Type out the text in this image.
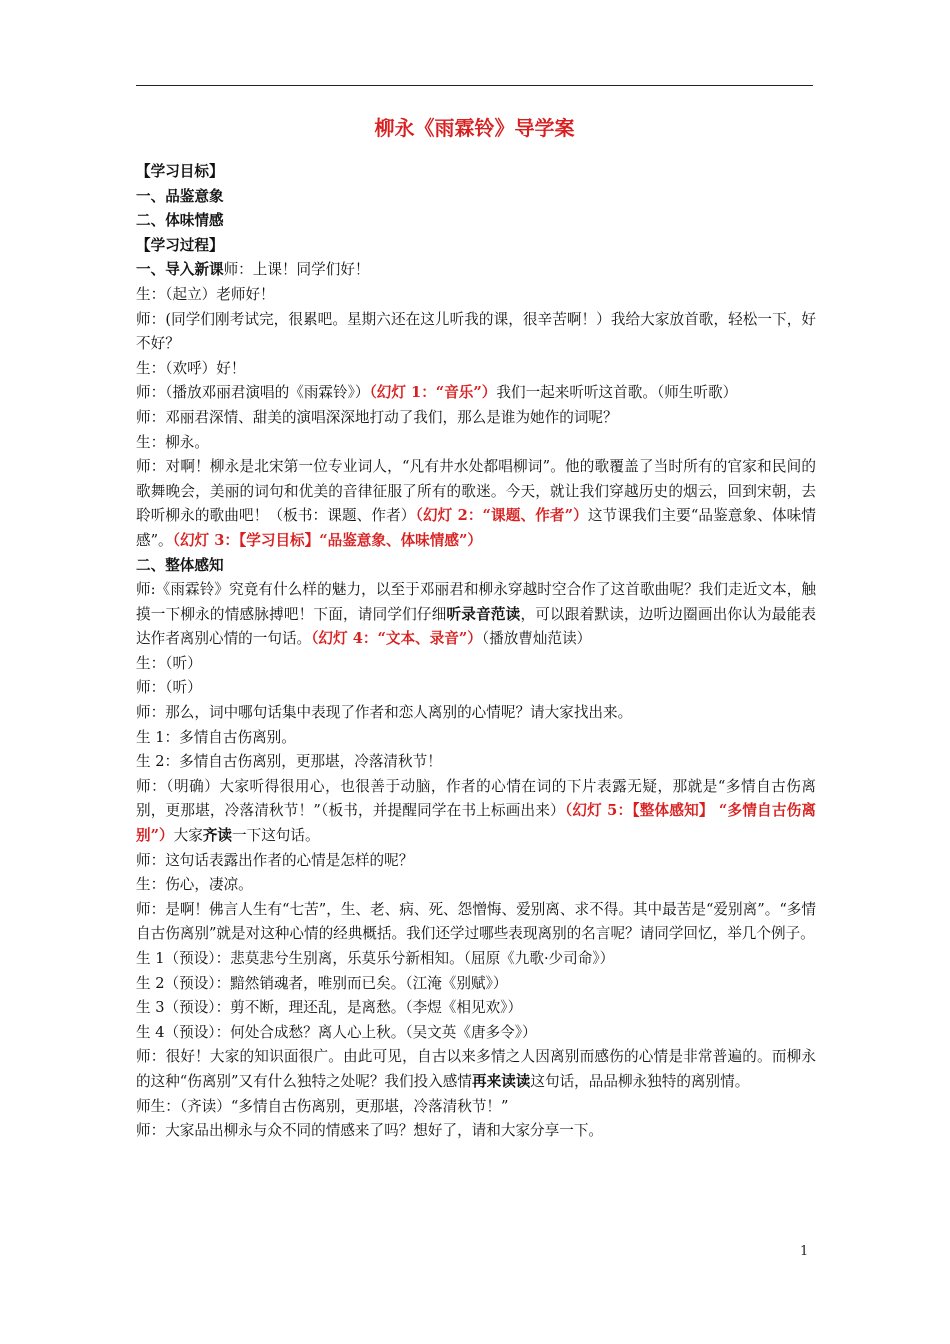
柳永《雨霖铃》导学案

【学习目标】

一、品鉴意象

二、体味情感

【学习过程】

一、导入新课师：上课！同学们好！

生：（起立）老师好！

师：(同学们刚考试完，很累吧。星期六还在这儿听我的课，很辛苦啊！）我给大家放首歌，轻松一下，好不好？

生：（欢呼）好！

师：（播放邓丽君演唱的《雨霖铃》）（幻灯 1：“音乐”）我们一起来听听这首歌。（师生听歌）

师：邓丽君深情、甜美的演唱深深地打动了我们，那么是谁为她作的词呢？

生：柳永。

师：对啊！柳永是北宋第一位专业词人，“凡有井水处都唱柳词”。他的歌覆盖了当时所有的官家和民间的歌舞晚会，美丽的词句和优美的音律征服了所有的歌迷。今天，就让我们穿越历史的烟云，回到宋朝，去聆听柳永的歌曲吧！（板书：课题、作者）（幻灯 2：“课题、作者”）这节课我们主要“品鉴意象、体味情感”。（幻灯 3：【学习目标】“品鉴意象、体味情感”）

二、整体感知

师:《雨霖铃》究竟有什么样的魅力，以至于邓丽君和柳永穿越时空合作了这首歌曲呢？我们走近文本，触摸一下柳永的情感脉搏吧！下面，请同学们仔细听录音范读，可以跟着默读，边听边圈画出你认为最能表达作者离别心情的一句话。（幻灯 4：“文本、录音”）（播放曹灿范读）

生：（听）

师：（听）

师：那么，词中哪句话集中表现了作者和恋人离别的心情呢？请大家找出来。

生 1：多情自古伤离别。

生 2：多情自古伤离别，更那堪，冷落清秋节！

师：（明确）大家听得很用心，也很善于动脑，作者的心情在词的下片表露无疑，那就是“多情自古伤离别，更那堪，冷落清秋节！”（板书，并提醒同学在书上标画出来）（幻灯 5：【整体感知】 “多情自古伤离别”）大家齐读一下这句话。

师：这句话表露出作者的心情是怎样的呢？

生：伤心，凄凉。

师：是啊！佛言人生有“七苦”，生、老、病、死、怨憎悔、爱别离、求不得。其中最苦是“爱别离”。“多情自古伤离别”就是对这种心情的经典概括。我们还学过哪些表现离别的名言呢？请同学回忆，举几个例子。

生 1（预设）：悲莫悲兮生别离，乐莫乐兮新相知。（屈原《九歌·少司命》）

生 2（预设）：黯然销魂者，唯别而已矣。（江淹《别赋》）

生 3（预设）：剪不断，理还乱，是离愁。（李煜《相见欢》）

生 4（预设）：何处合成愁？离人心上秋。（吴文英《唐多令》）

师：很好！大家的知识面很广。由此可见，自古以来多情之人因离别而感伤的心情是非常普遍的。而柳永的这种“伤离别”又有什么独特之处呢？我们投入感情再来读读这句话，品品柳永独特的离别情。

师生：（齐读）“多情自古伤离别，更那堪，冷落清秋节！”

师：大家品出柳永与众不同的情感来了吗？想好了，请和大家分享一下。

1
